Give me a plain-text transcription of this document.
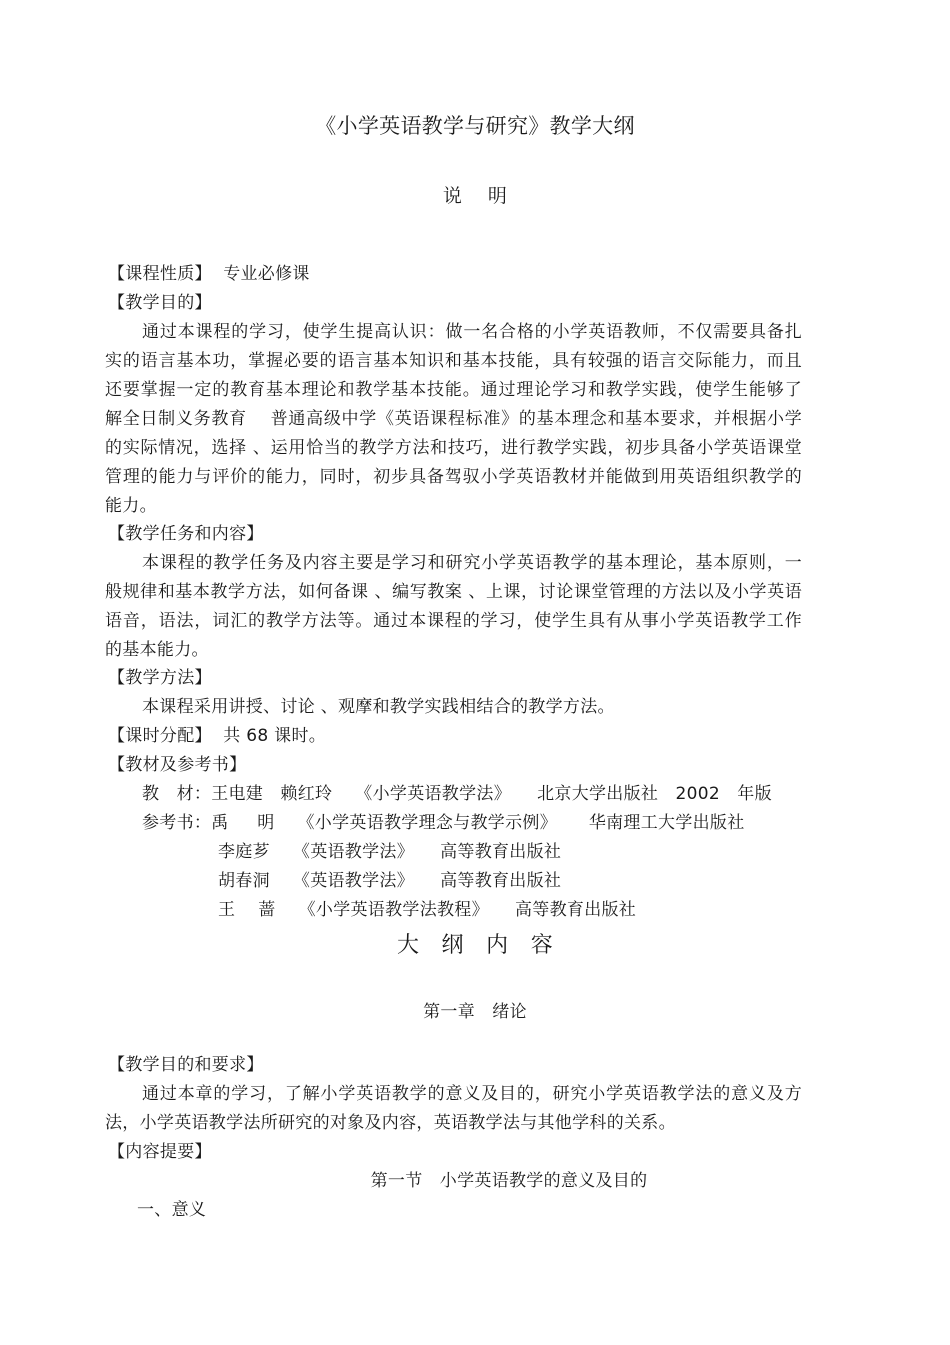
《小学英语教学与研究》教学大纲
说　 明
【课程性质】  专业必修课
【教学目的】
通过本课程的学习，使学生提高认识：做一名合格的小学英语教师，不仅需要具备扎
实的语言基本功，掌握必要的语言基本知识和基本技能，具有较强的语言交际能力，而且
还要掌握一定的教育基本理论和教学基本技能。通过理论学习和教学实践，使学生能够了
解全日制义务教育　 普通高级中学《英语课程标准》的基本理念和基本要求，并根据小学
的实际情况，选择 、运用恰当的教学方法和技巧，进行教学实践，初步具备小学英语课堂
管理的能力与评价的能力，同时，初步具备驾驭小学英语教材并能做到用英语组织教学的
能力。
【教学任务和内容】
本课程的教学任务及内容主要是学习和研究小学英语教学的基本理论，基本原则，一
般规律和基本教学方法，如何备课 、编写教案 、上课，讨论课堂管理的方法以及小学英语
语音，语法，词汇的教学方法等。通过本课程的学习，使学生具有从事小学英语教学工作
的基本能力。
【教学方法】
本课程采用讲授、讨论 、观摩和教学实践相结合的教学方法。
【课时分配】  共 68 课时。
【教材及参考书】
教　材：王电建　赖红玲　 《小学英语教学法》　　北京大学出版社　2002　年版
参考书：禹　  明　 《小学英语教学理念与教学示例》　　 华南理工大学出版社
李庭芗　 《英语教学法》　　高等教育出版社
胡春洞　 《英语教学法》　　高等教育出版社
王　 蔷　 《小学英语教学法教程》　　高等教育出版社
大　纲　内　容
第一章　绪论
【教学目的和要求】
通过本章的学习，了解小学英语教学的意义及目的，研究小学英语教学法的意义及方
法，小学英语教学法所研究的对象及内容，英语教学法与其他学科的关系。
【内容提要】
第一节　小学英语教学的意义及目的
一、意义
